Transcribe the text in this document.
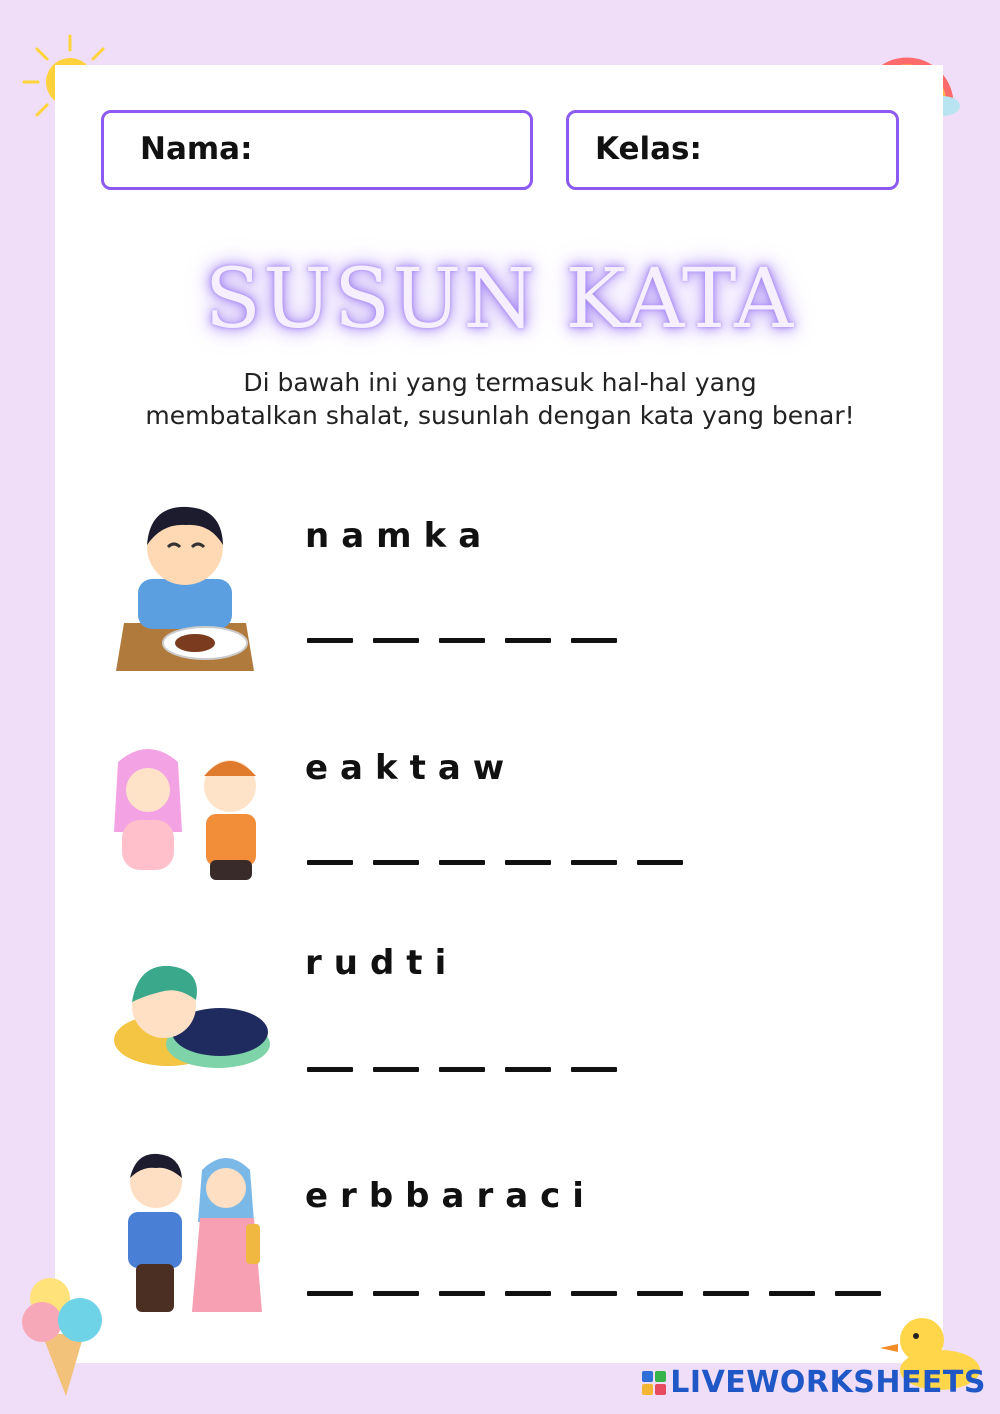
Nama:	Kelas:
SUSUN KATA
Di bawah ini yang termasuk hal-hal yang
membatalkan shalat, susunlah dengan kata yang benar!
namka
eaktaw
rudti
erbbaraci
LIVEWORKSHEETS
